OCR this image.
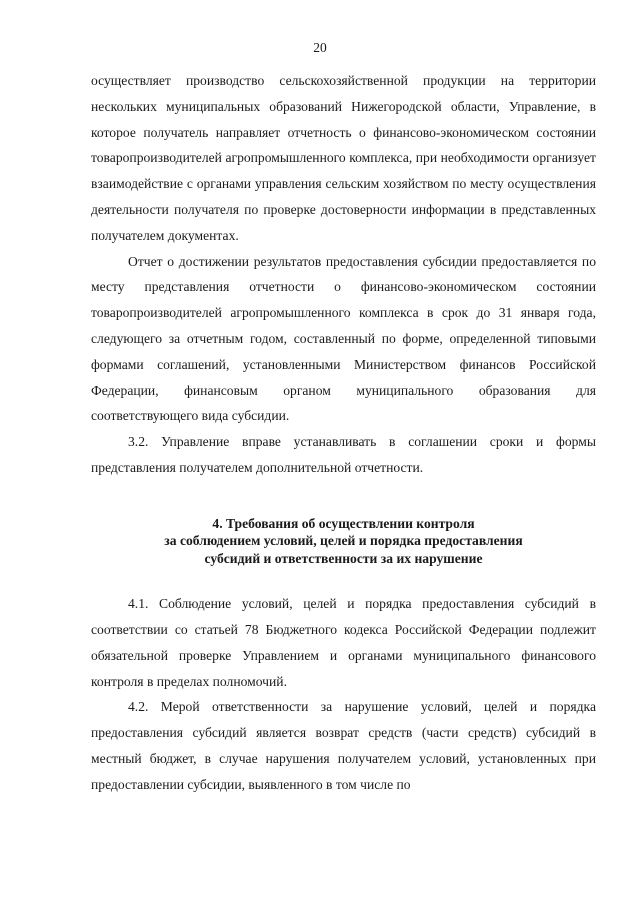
20

осуществляет производство сельскохозяйственной продукции на территории нескольких муниципальных образований Нижегородской области, Управление, в которое получатель направляет отчетность о финансово-экономическом состоянии товаропроизводителей агропромышленного комплекса, при необходимости организует взаимодействие с органами управления сельским хозяйством по месту осуществления деятельности получателя по проверке достоверности информации в представленных получателем документах.

Отчет о достижении результатов предоставления субсидии предоставляется по месту представления отчетности о финансово-экономическом состоянии товаропроизводителей агропромышленного комплекса в срок до 31 января года, следующего за отчетным годом, составленный по форме, определенной типовыми формами соглашений, установленными Министерством финансов Российской Федерации, финансовым органом муниципального образования для соответствующего вида субсидии.

3.2. Управление вправе устанавливать в соглашении сроки и формы представления получателем дополнительной отчетности.

4. Требования об осуществлении контроля
за соблюдением условий, целей и порядка предоставления
субсидий и ответственности за их нарушение

4.1. Соблюдение условий, целей и порядка предоставления субсидий в соответствии со статьей 78 Бюджетного кодекса Российской Федерации подлежит обязательной проверке Управлением и органами муниципального финансового контроля в пределах полномочий.

4.2. Мерой ответственности за нарушение условий, целей и порядка предоставления субсидий является возврат средств (части средств) субсидий в местный бюджет, в случае нарушения получателем условий, установленных при предоставлении субсидии, выявленного в том числе по
